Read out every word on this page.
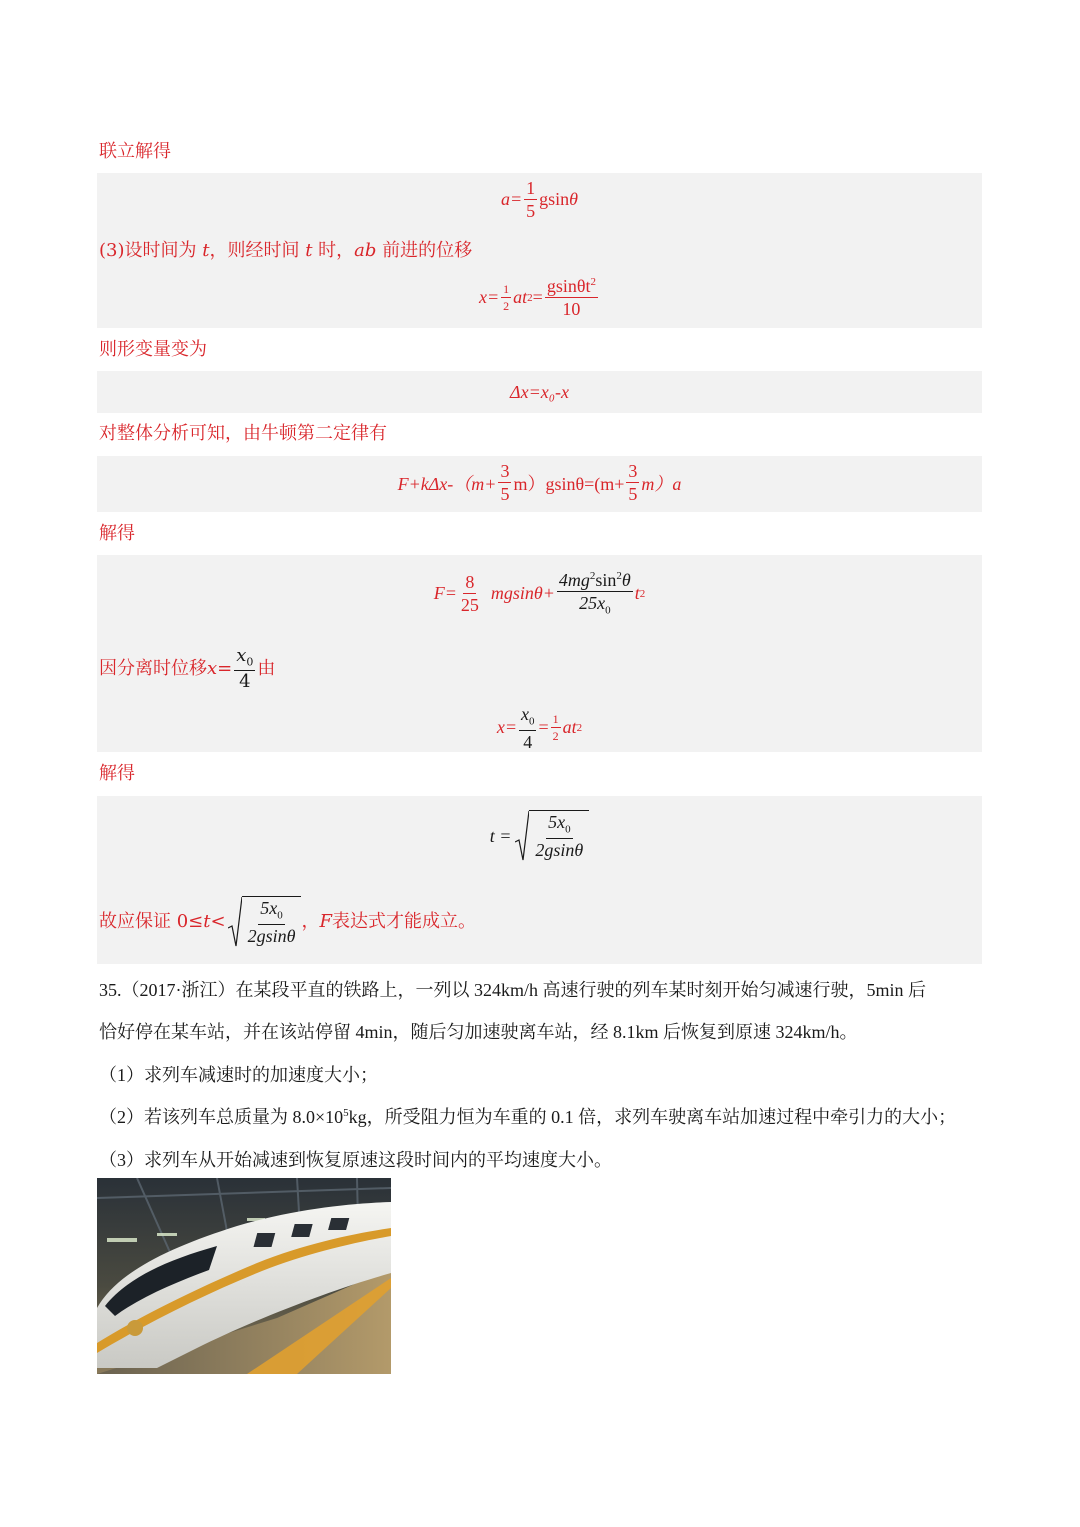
联立解得
$a= \frac{1}{5}$ gsin θ
(3)设时间为 t，则经时间 t 时，ab 前进的位移
$x= \frac{1}{2}$ at $2 = \frac{gsin\theta t^2}{10}$
则形变量变为
Δx=x₀-x
对整体分析可知，由牛顿第二定律有
$F+k\Delta x-(m+ \frac{3}{5} m)gsin\theta=(m+ \frac{3}{5} m)a$
解得
$F= \frac{8}{25} mgsin\theta+ \frac{4mg^2\sin^2\theta}{25x_0}$ t 2
因分离时位移 $x= \frac{x_0}{4}$ 由
$x= \frac{x_0}{4} = \frac{1}{2}$ at 2
解得
$t = \frac{5x_0}{2gsin\theta}$
故应保证 $0\le t < \frac{5x_0}{2gsin\theta}$ ， F 表达式才能成立。
35.（2017·浙江）在某段平直的铁路上，一列以 324km/h 高速行驶的列车某时刻开始匀减速行驶，5min 后
恰好停在某车站，并在该站停留 4min，随后匀加速驶离车站，经 8.1km 后恢复到原速 324km/h。
（1）求列车减速时的加速度大小；
（2）若该列车总质量为 $8.0\times 10^5kg$，所受阻力恒为车重的 0.1 倍，求列车驶离车站加速过程中牵引力的大小；
（3）求列车从开始减速到恢复原速这段时间内的平均速度大小。
